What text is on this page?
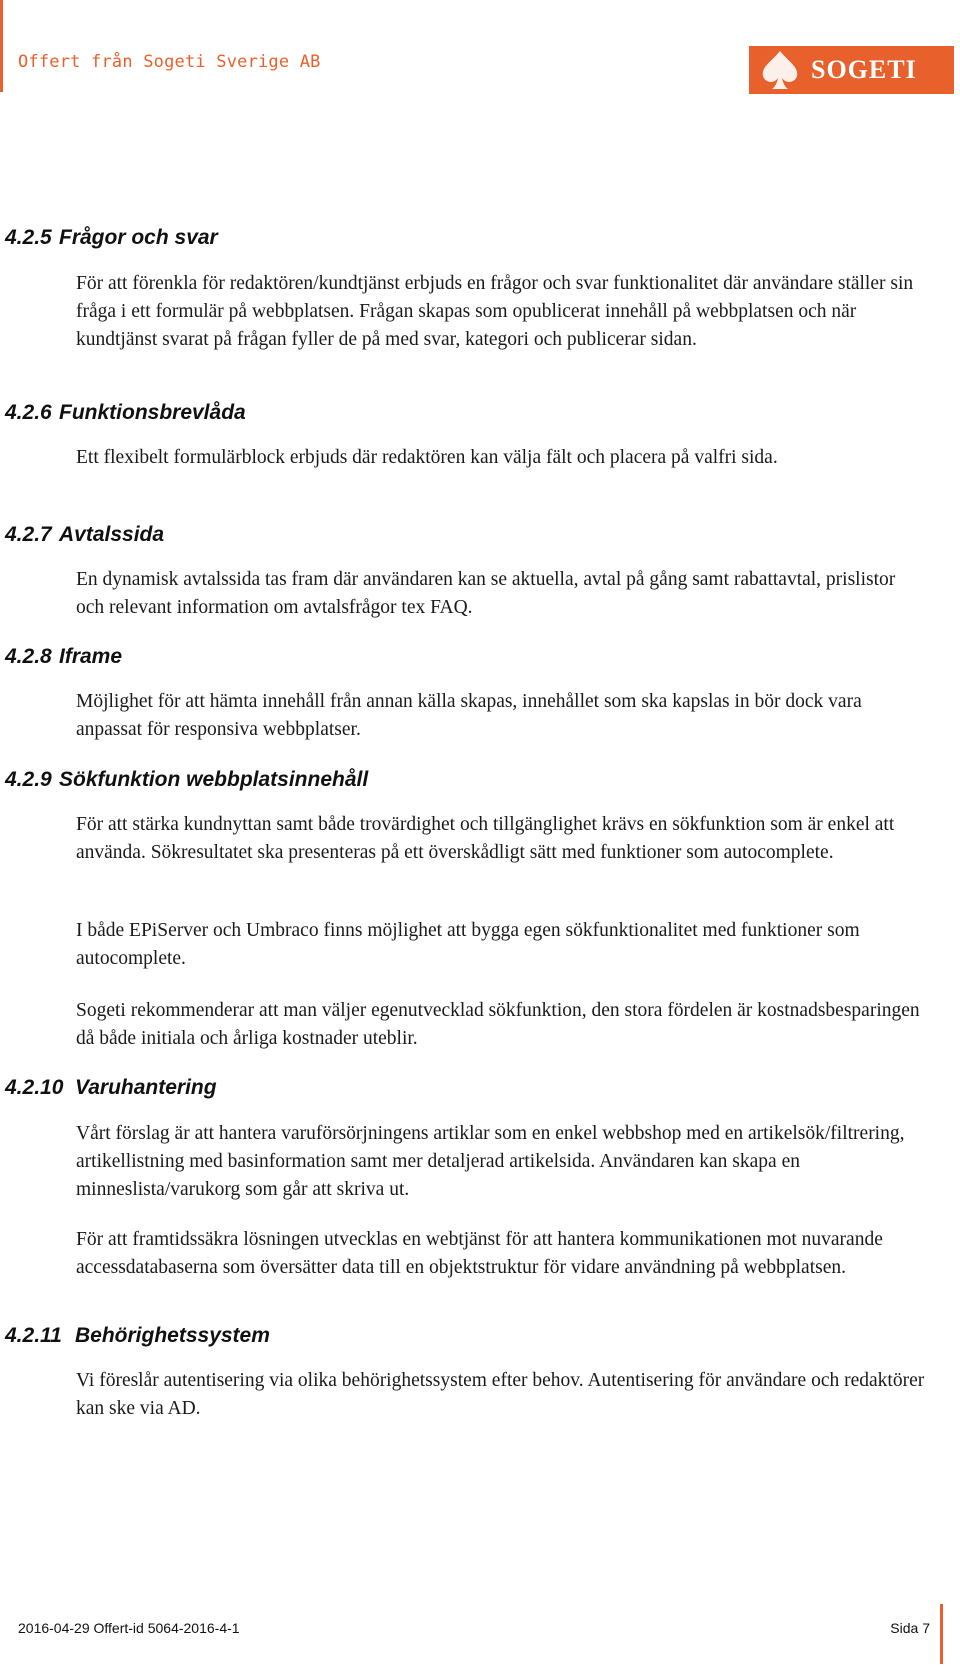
Offert från Sogeti Sverige AB	SOGETI
4.2.5 Frågor och svar

För att förenkla för redaktören/kundtjänst erbjuds en frågor och svar funktionalitet där användare ställer sin fråga i ett formulär på webbplatsen. Frågan skapas som opublicerat innehåll på webbplatsen och när kundtjänst svarat på frågan fyller de på med svar, kategori och publicerar sidan.

4.2.6 Funktionsbrevlåda

Ett flexibelt formulärblock erbjuds där redaktören kan välja fält och placera på valfri sida.

4.2.7 Avtalssida

En dynamisk avtalssida tas fram där användaren kan se aktuella, avtal på gång samt rabattavtal, prislistor och relevant information om avtalsfrågor tex FAQ.

4.2.8 Iframe

Möjlighet för att hämta innehåll från annan källa skapas, innehållet som ska kapslas in bör dock vara anpassat för responsiva webbplatser.

4.2.9 Sökfunktion webbplatsinnehåll

För att stärka kundnyttan samt både trovärdighet och tillgänglighet krävs en sökfunktion som är enkel att använda. Sökresultatet ska presenteras på ett överskådligt sätt med funktioner som autocomplete.

I både EPiServer och Umbraco finns möjlighet att bygga egen sökfunktionalitet med funktioner som autocomplete.

Sogeti rekommenderar att man väljer egenutvecklad sökfunktion, den stora fördelen är kostnadsbesparingen då både initiala och årliga kostnader uteblir.

4.2.10 Varuhantering

Vårt förslag är att hantera varuförsörjningens artiklar som en enkel webbshop med en artikelsök/filtrering, artikellistning med basinformation samt mer detaljerad artikelsida. Användaren kan skapa en minneslista/varukorg som går att skriva ut.

För att framtidssäkra lösningen utvecklas en webtjänst för att hantera kommunikationen mot nuvarande accessdatabaserna som översätter data till en objektstruktur för vidare användning på webbplatsen.

4.2.11 Behörighetssystem

Vi föreslår autentisering via olika behörighetssystem efter behov. Autentisering för användare och redaktörer kan ske via AD.

2016-04-29 Offert-id 5064-2016-4-1	Sida 7
